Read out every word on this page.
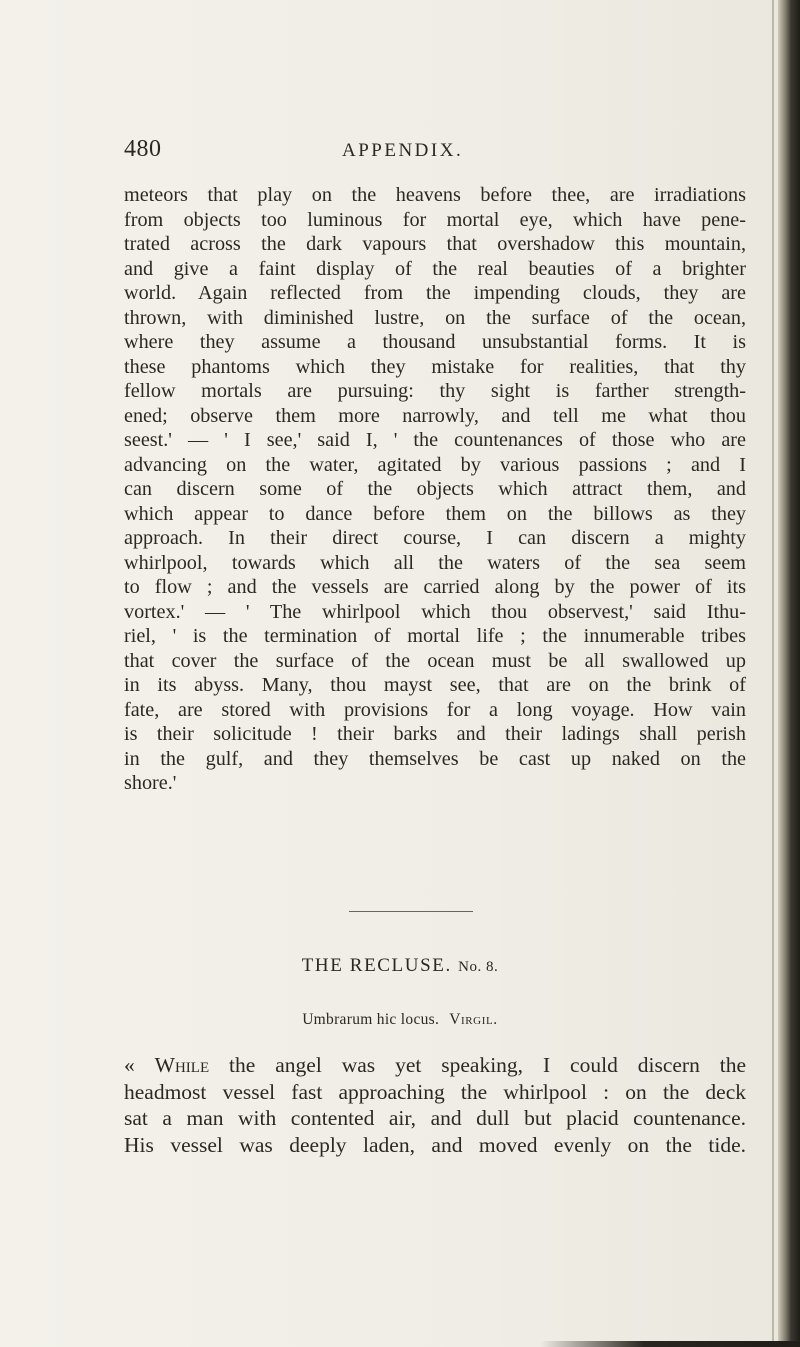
480	APPENDIX.
meteors that play on the heavens before thee, are irradiations
from objects too luminous for mortal eye, which have pene-
trated across the dark vapours that overshadow this mountain,
and give a faint display of the real beauties of a brighter
world. Again reflected from the impending clouds, they are
thrown, with diminished lustre, on the surface of the ocean,
where they assume a thousand unsubstantial forms. It is
these phantoms which they mistake for realities, that thy
fellow mortals are pursuing: thy sight is farther strength-
ened; observe them more narrowly, and tell me what thou
seest.' — ' I see,' said I, ' the countenances of those who are
advancing on the water, agitated by various passions ; and I
can discern some of the objects which attract them, and
which appear to dance before them on the billows as they
approach. In their direct course, I can discern a mighty
whirlpool, towards which all the waters of the sea seem
to flow ; and the vessels are carried along by the power of its
vortex.' — ' The whirlpool which thou observest,' said Ithu-
riel, ' is the termination of mortal life ; the innumerable tribes
that cover the surface of the ocean must be all swallowed up
in its abyss. Many, thou mayst see, that are on the brink of
fate, are stored with provisions for a long voyage. How vain
is their solicitude ! their barks and their ladings shall perish
in the gulf, and they themselves be cast up naked on the
shore.'
THE RECLUSE. No. 8.
Umbrarum hic locus. Virgil.
« While the angel was yet speaking, I could discern the
headmost vessel fast approaching the whirlpool : on the deck
sat a man with contented air, and dull but placid countenance.
His vessel was deeply laden, and moved evenly on the tide.
